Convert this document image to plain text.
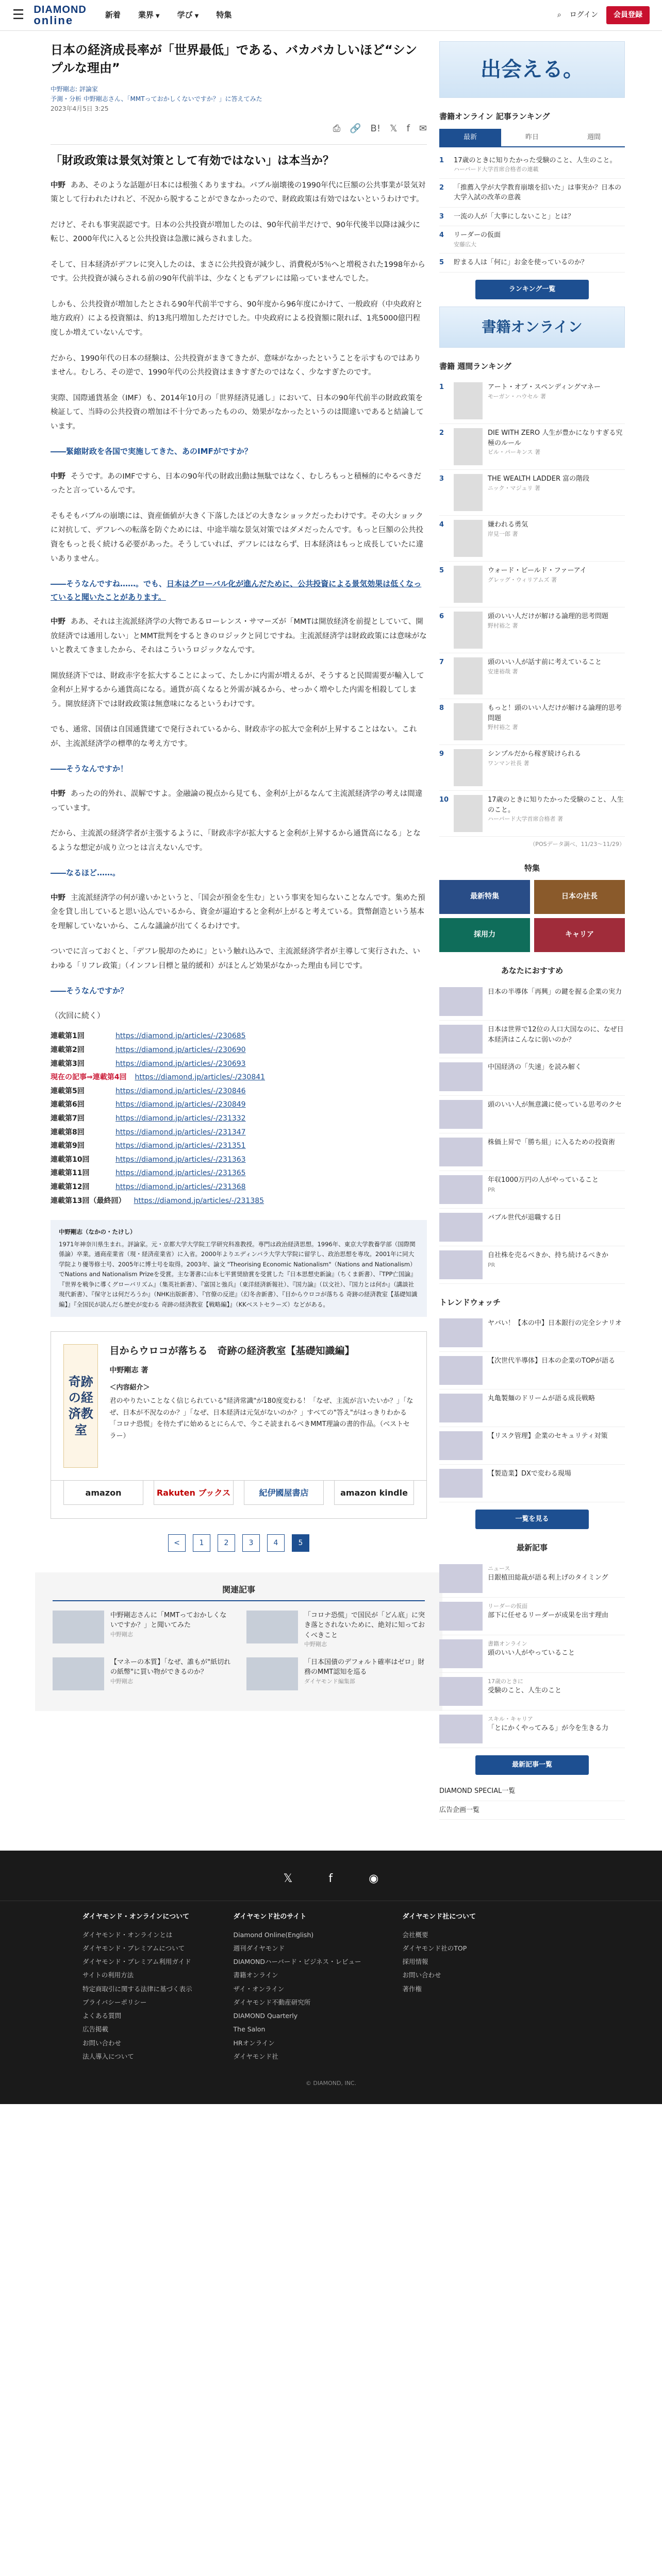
☰ DIAMOND
online	新着 業界 ▼ 学び ▼ 特集	⌕ ログイン	会員登録
日本の経済成長率が「世界最低」である、バカバカしいほど“シンプルな理由”
中野剛志: 評論家
予測・分析 中野剛志さん、「MMTっておかしくないですか？」に答えてみた
2023年4月5日 3:25
⎙ 🔗 B! 𝕏 f ✉
「財政政策は景気対策として有効ではない」は本当か？
中野 ああ、そのような話題が日本には根強くありますね。バブル崩壊後の1990年代に巨額の公共事業が景気対策として行われたけれど、不況から脱することができなかったので、財政政策は有効ではないというわけです。
だけど、それも事実誤認です。日本の公共投資が増加したのは、90年代前半だけで、90年代後半以降は減少に転じ、2000年代に入ると公共投資は急激に減らされました。
そして、日本経済がデフレに突入したのは、まさに公共投資が減少し、消費税が5％へと増税された1998年からです。公共投資が減らされる前の90年代前半は、少なくともデフレには陥っていませんでした。
しかも、公共投資が増加したとされる90年代前半ですら、90年度から96年度にかけて、一般政府（中央政府と地方政府）による投資額は、約13兆円増加しただけでした。中央政府による投資額に限れば、1兆5000億円程度しか増えていないんです。
だから、1990年代の日本の経験は、公共投資がまきてきたが、意味がなかったということを示すものではありません。むしろ、その逆で、1990年代の公共投資はまきすぎたのではなく、少なすぎたのです。
実際、国際通貨基金（IMF）も、2014年10月の「世界経済見通し」において、日本の90年代前半の財政政策を検証して、当時の公共投資の増加は不十分であったものの、効果がなかったというのは間違いであると結論しています。
――緊縮財政を各国で実施してきた、あのIMFがですか？
中野 そうです。あのIMFですら、日本の90年代の財政出動は無駄ではなく、むしろもっと積極的にやるべきだったと言っているんです。
そもそもバブルの崩壊には、資産価値が大きく下落したほどの大きなショックだったわけです。その大ショックに対抗して、デフレへの転落を防ぐためには、中途半端な景気対策ではダメだったんです。もっと巨額の公共投資をもっと長く続ける必要があった。そうしていれば、デフレにはならず、日本経済はもっと成長していたに違いありません。
――そうなんですね……。でも、日本はグローバル化が進んだために、公共投資による景気効果は低くなっていると聞いたことがあります。
中野 ああ、それは主流派経済学の大物であるローレンス・サマーズが「MMTは開放経済を前提としていて、開放経済では通用しない」とMMT批判をするときのロジックと同じですね。主流派経済学は財政政策には意味がないと教えてきましたから、それはこういうロジックなんです。
開放経済下では、財政赤字を拡大することによって、たしかに内需が増えるが、そうすると民間需要が輸入して金利が上昇するから通貨高になる。通貨が高くなると外需が減るから、せっかく増やした内需を相殺してしまう。開放経済下では財政政策は無意味になるというわけです。
でも、通常、国債は自国通貨建てで発行されているから、財政赤字の拡大で金利が上昇することはない。これが、主流派経済学の標準的な考え方です。
――そうなんですか！
中野 あったの的外れ、誤解ですよ。金融論の視点から見ても、金利が上がるなんて主流派経済学の考えは間違っています。
だから、主流派の経済学者が主張するように、「財政赤字が拡大すると金利が上昇するから通貨高になる」となるような想定が成り立つとは言えないんです。
――なるほど……。
中野 主流派経済学の何が違いかというと、「国会が預金を生む」という事実を知らないことなんです。集めた預金を貸し出していると思い込んでいるから、資金が逼迫すると金利が上がると考えている。貨幣創造という基本を理解していないから、こんな議論が出てくるわけです。
ついでに言っておくと、「デフレ脱却のために」という触れ込みで、主流派経済学者が主導して実行された、いわゆる「リフレ政策」（インフレ目標と量的緩和）がほとんど効果がなかった理由も同じです。
――そうなんですか？
（次回に続く）
連載第1回	https://diamond.jp/articles/-/230685
連載第2回	https://diamond.jp/articles/-/230690
連載第3回	https://diamond.jp/articles/-/230693
現在の記事⇒連載第4回 https://diamond.jp/articles/-/230841
連載第5回	https://diamond.jp/articles/-/230846
連載第6回	https://diamond.jp/articles/-/230849
連載第7回	https://diamond.jp/articles/-/231332
連載第8回	https://diamond.jp/articles/-/231347
連載第9回	https://diamond.jp/articles/-/231351
連載第10回	https://diamond.jp/articles/-/231363
連載第11回	https://diamond.jp/articles/-/231365
連載第12回	https://diamond.jp/articles/-/231368
連載第13回（最終回） https://diamond.jp/articles/-/231385
中野剛志（なかの・たけし）
1971年神奈川県生まれ。評論家。元・京都大学大学院工学研究科准教授。専門は政治経済思想。1996年、東京大学教養学部（国際関係論）卒業。通商産業省（現・経済産業省）に入省。2000年よりエディンバラ大学大学院に留学し、政治思想を専攻。2001年に同大学院より優等修士号、2005年に博士号を取得。2003年、論文 "Theorising Economic Nationalism"（Nations and Nationalism）でNations and Nationalism Prizeを受賞。主な著書に山本七平賞奨励賞を受賞した『日本思想史新論』（ちくま新書）、『TPP亡国論』『世界を戦争に導くグローバリズム』（集英社新書）、『富国と強兵』（東洋経済新報社）、『国力論』（以文社）、『国力とは何か』（講談社現代新書）、『保守とは何だろうか』（NHK出版新書）、『官僚の反逆』（幻冬舎新書）、『目からウロコが落ちる 奇跡の経済教室【基礎知識編】』『全国民が読んだら歴史が変わる 奇跡の経済教室【戦略編】』（KKベストセラーズ）などがある。
奇跡の経済教室
目からウロコが落ちる　奇跡の経済教室【基礎知識編】
中野剛志 著
＜内容紹介＞
君のやりたいことなく信じられている"経済常識"が180度変わる！「なぜ、主流が言いたいか？」「なぜ、日本が不況なのか？」「なぜ、日本経済は元気がないのか？」すべての"答え"がはっきりわかる「コロナ恐慌」を待たずに始めるとにらんで、今こそ読まれるべきMMT理論の書的作品。（ベストセラー）
amazon	Rakuten ブックス	紀伊國屋書店	amazon kindle
<	1	2	3	4	5
関連記事
中野剛志さんに「MMTっておかしくないですか？」と聞いてみた
中野剛志
「コロナ恐慌」で国民が「どん底」に突き落とされないために、絶対に知っておくべきこと
中野剛志
【マネーの本質】「なぜ、誰もが"紙切れの紙幣"に買い物ができるのか？
中野剛志
「日本国債のデフォルト確率はゼロ」財務のMMT認知を巡る
ダイヤモンド編集部
出会える。
書籍オンライン 記事ランキング
最新	昨日	週間
1	17歳のときに知りたかった受験のこと、人生のこと。
ハーバード大学首席合格者の連載
2	「推薦入学が大学教育崩壊を招いた」は事実か？日本の大学入試の改革の意義
3	一流の人が「大事にしないこと」とは？
4	リーダーの仮面
安藤広大
5	貯まる人は「何に」お金を使っているのか？
ランキング一覧
書籍オンライン
書籍 週間ランキング
1	アート・オブ・スペンディングマネー
モーガン・ハウセル 著
2	DIE WITH ZERO 人生が豊かになりすぎる究極のルール
ビル・パーキンス 著
3	THE WEALTH LADDER 富の階段
ニック・マジュリ 著
4	嫌われる勇気
岸見一郎 著
5	ウォード・ビールド・ファーアイ
グレッグ・ウィリアムズ 著
6	頭のいい人だけが解ける論理的思考問題
野村裕之 著
7	頭のいい人が話す前に考えていること
安達裕哉 著
8	もっと！頭のいい人だけが解ける論理的思考問題
野村裕之 著
9	シンプルだから稼ぎ続けられる
ワンマン社長 著
10	17歳のときに知りたかった受験のこと、人生のこと。
ハーバード大学首席合格者 著
（POSデータ調べ、11/23～11/29）
特集
最新特集	日本の社長
採用力	キャリア
あなたにおすすめ
日本の半導体「再興」の鍵を握る企業の実力
日本は世界で12位の人口大国なのに、なぜ日本経済はこんなに弱いのか？
中国経済の「失速」を読み解く
頭のいい人が無意識に使っている思考のクセ
株価上昇で「勝ち組」に入るための投資術
年収1000万円の人がやっていること
PR
バブル世代が退職する日
自社株を売るべきか、持ち続けるべきか
PR
トレンドウォッチ
ヤバい！【本の中】日本銀行の完全シナリオ
【次世代半導体】日本の企業のTOPが語る
丸亀製麺のドリームが語る成長戦略
【リスク管理】企業のセキュリティ対策
【製造業】DXで変わる現場
一覧を見る
最新記事
ニュース
日銀植田総裁が語る利上げのタイミング
リーダーの仮面
部下に任せるリーダーが成果を出す理由
書籍オンライン
頭のいい人がやっていること
17歳のときに
受験のこと、人生のこと
スキル・キャリア
「とにかくやってみる」が今を生きる力
最新記事一覧
DIAMOND SPECIAL一覧
広告企画一覧
𝕏	f	◉
ダイヤモンド・オンラインについて
ダイヤモンド・オンラインとは
ダイヤモンド・プレミアムについて
ダイヤモンド・プレミアム利用ガイド
サイトの利用方法
特定商取引に関する法律に基づく表示
プライバシーポリシー
よくある質問
広告掲載
お問い合わせ
法人導入について
ダイヤモンド社のサイト
Diamond Online(English)
週刊ダイヤモンド
DIAMONDハーバード・ビジネス・レビュー
書籍オンライン
ザイ・オンライン
ダイヤモンド不動産研究所
DIAMOND Quarterly
The Salon
HRオンライン
ダイヤモンド社
ダイヤモンド社について
会社概要
ダイヤモンド社のTOP
採用情報
お問い合わせ
著作権
© DIAMOND, INC.
